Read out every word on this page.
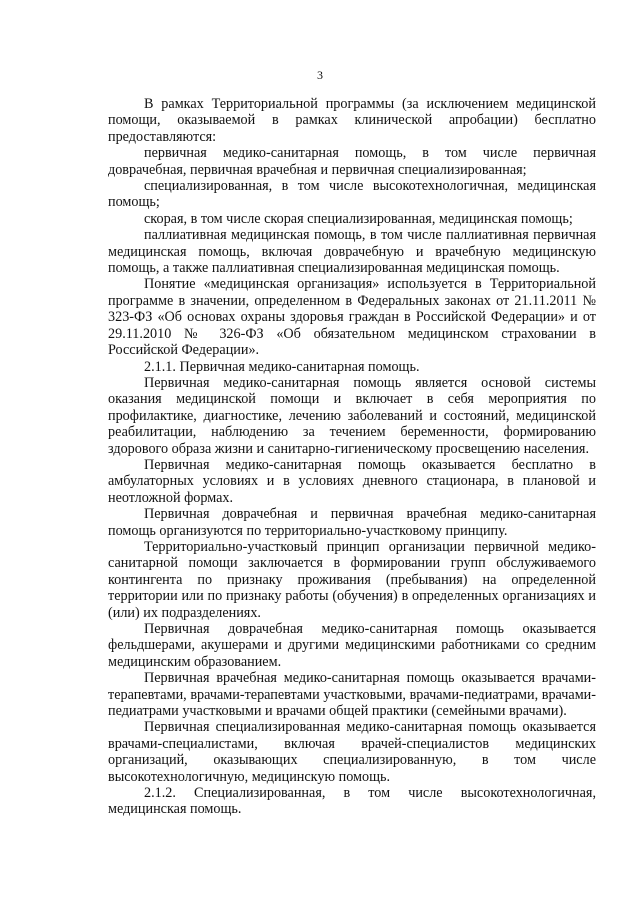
3

В рамках Территориальной программы (за исключением медицинской помощи, оказываемой в рамках клинической апробации) бесплатно предоставляются:

первичная медико-санитарная помощь, в том числе первичная доврачебная, первичная врачебная и первичная специализированная;

специализированная, в том числе высокотехнологичная, медицинская помощь;

скорая, в том числе скорая специализированная, медицинская помощь;

паллиативная медицинская помощь, в том числе паллиативная первичная медицинская помощь, включая доврачебную и врачебную медицинскую помощь, а также паллиативная специализированная медицинская помощь.

Понятие «медицинская организация» используется в Территориальной программе в значении, определенном в Федеральных законах от 21.11.2011 № 323-ФЗ «Об основах охраны здоровья граждан в Российской Федерации» и от 29.11.2010 № 326-ФЗ «Об обязательном медицинском страховании в Российской Федерации».

2.1.1. Первичная медико-санитарная помощь.

Первичная медико-санитарная помощь является основой системы оказания медицинской помощи и включает в себя мероприятия по профилактике, диагностике, лечению заболеваний и состояний, медицинской реабилитации, наблюдению за течением беременности, формированию здорового образа жизни и санитарно-гигиеническому просвещению населения.

Первичная медико-санитарная помощь оказывается бесплатно в амбулаторных условиях и в условиях дневного стационара, в плановой и неотложной формах.

Первичная доврачебная и первичная врачебная медико-санитарная помощь организуются по территориально-участковому принципу.

Территориально-участковый принцип организации первичной медико-санитарной помощи заключается в формировании групп обслуживаемого контингента по признаку проживания (пребывания) на определенной территории или по признаку работы (обучения) в определенных организациях и (или) их подразделениях.

Первичная доврачебная медико-санитарная помощь оказывается фельдшерами, акушерами и другими медицинскими работниками со средним медицинским образованием.

Первичная врачебная медико-санитарная помощь оказывается врачами-терапевтами, врачами-терапевтами участковыми, врачами-педиатрами, врачами-педиатрами участковыми и врачами общей практики (семейными врачами).

Первичная специализированная медико-санитарная помощь оказывается врачами-специалистами, включая врачей-специалистов медицинских организаций, оказывающих специализированную, в том числе высокотехнологичную, медицинскую помощь.

2.1.2. Специализированная, в том числе высокотехнологичная, медицинская помощь.
